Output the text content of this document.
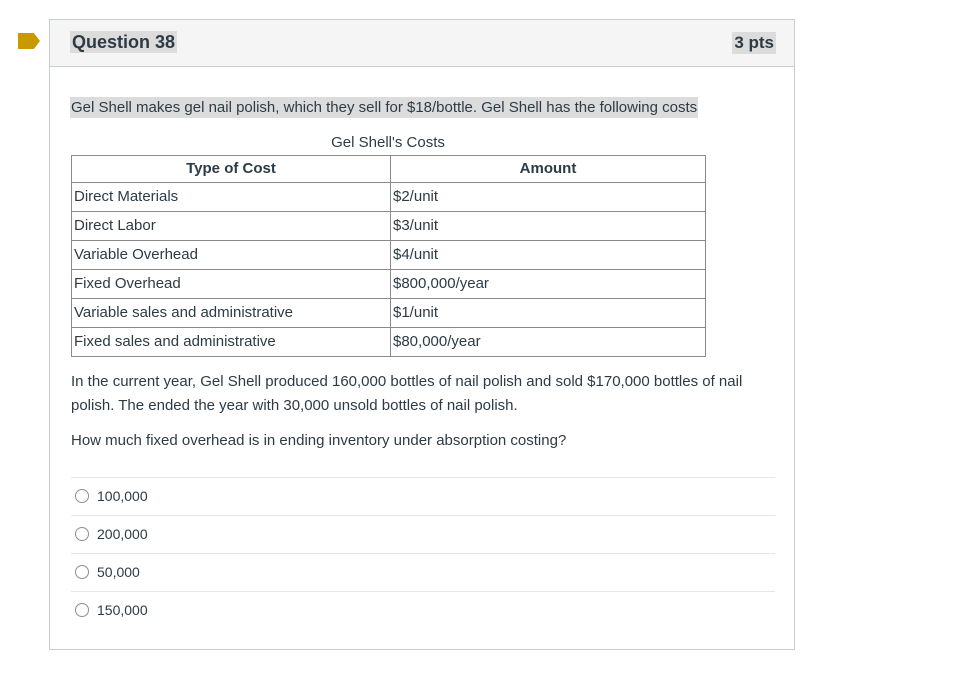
Question 38	3 pts
Gel Shell makes gel nail polish, which they sell for $18/bottle. Gel Shell has the following costs
Gel Shell's Costs
Type of Cost	Amount
Direct Materials	$2/unit
Direct Labor	$3/unit
Variable Overhead	$4/unit
Fixed Overhead	$800,000/year
Variable sales and administrative	$1/unit
Fixed sales and administrative	$80,000/year
In the current year, Gel Shell produced 160,000 bottles of nail polish and sold $170,000 bottles of nail polish. The ended the year with 30,000 unsold bottles of nail polish.
How much fixed overhead is in ending inventory under absorption costing?
100,000
200,000
50,000
150,000
